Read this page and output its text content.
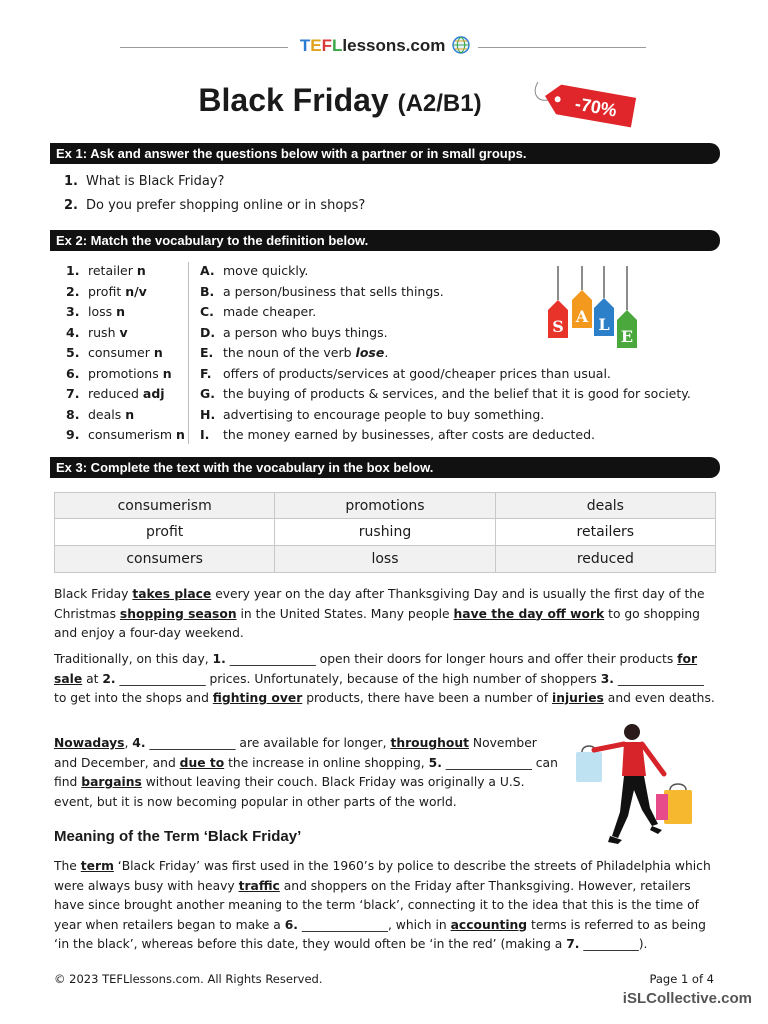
TEFLlessons.com
Black Friday (A2/B1)	-70%
Ex 1: Ask and answer the questions below with a partner or in small groups.
1. What is Black Friday?
2. Do you prefer shopping online or in shops?
Ex 2: Match the vocabulary to the definition below.
1. retailer n
2. profit n/v
3. loss n
4. rush v
5. consumer n
6. promotions n
7. reduced adj
8. deals n
9. consumerism n
A. move quickly.
B. a person/business that sells things.
C. made cheaper.
D. a person who buys things.
E. the noun of the verb lose.
F. offers of products/services at good/cheaper prices than usual.
G. the buying of products & services, and the belief that it is good for society.
H. advertising to encourage people to buy something.
I. the money earned by businesses, after costs are deducted.
S
A L
E
Ex 3: Complete the text with the vocabulary in the box below.
consumerism	promotions	deals
profit	rushing	retailers
consumers	loss	reduced
Black Friday takes place every year on the day after Thanksgiving Day and is usually the first day of the Christmas shopping season in the United States. Many people have the day off work to go shopping and enjoy a four-day weekend.
Traditionally, on this day, 1. ______________ open their doors for longer hours and offer their products for sale at 2. ______________ prices. Unfortunately, because of the high number of shoppers 3. ______________ to get into the shops and fighting over products, there have been a number of injuries and even deaths.
Nowadays, 4. ______________ are available for longer, throughout November and December, and due to the increase in online shopping, 5. ______________ can find bargains without leaving their couch. Black Friday was originally a U.S. event, but it is now becoming popular in other parts of the world.
Meaning of the Term ‘Black Friday’
The term ‘Black Friday’ was first used in the 1960’s by police to describe the streets of Philadelphia which were always busy with heavy traffic and shoppers on the Friday after Thanksgiving. However, retailers have since brought another meaning to the term ‘black’, connecting it to the idea that this is the time of year when retailers began to make a 6. ______________, which in accounting terms is referred to as being ‘in the black’, whereas before this date, they would often be ‘in the red’ (making a 7. _________).
© 2023 TEFLlessons.com. All Rights Reserved.	Page 1 of 4
iSLCollective.com
